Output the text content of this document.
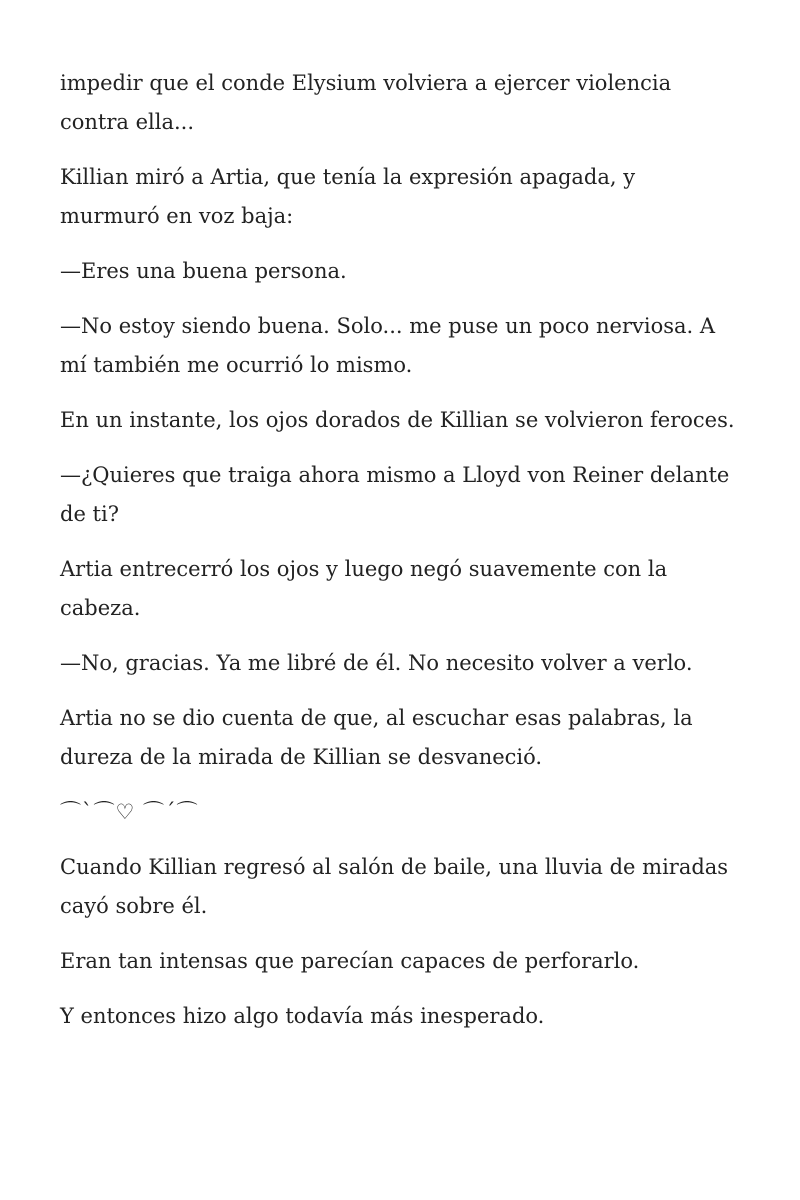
impedir que el conde Elysium volviera a ejercer violencia contra ella...

Killian miró a Artia, que tenía la expresión apagada, y murmuró en voz baja:

—Eres una buena persona.

—No estoy siendo buena. Solo... me puse un poco nerviosa. A mí también me ocurrió lo mismo.

En un instante, los ojos dorados de Killian se volvieron feroces.

—¿Quieres que traiga ahora mismo a Lloyd von Reiner delante de ti?

Artia entrecerró los ojos y luego negó suavemente con la cabeza.

—No, gracias. Ya me libré de él. No necesito volver a verlo.

Artia no se dio cuenta de que, al escuchar esas palabras, la dureza de la mirada de Killian se desvaneció.

⌒`⌒♡ ⌒´⌒

Cuando Killian regresó al salón de baile, una lluvia de miradas cayó sobre él.

Eran tan intensas que parecían capaces de perforarlo.

Y entonces hizo algo todavía más inesperado.
